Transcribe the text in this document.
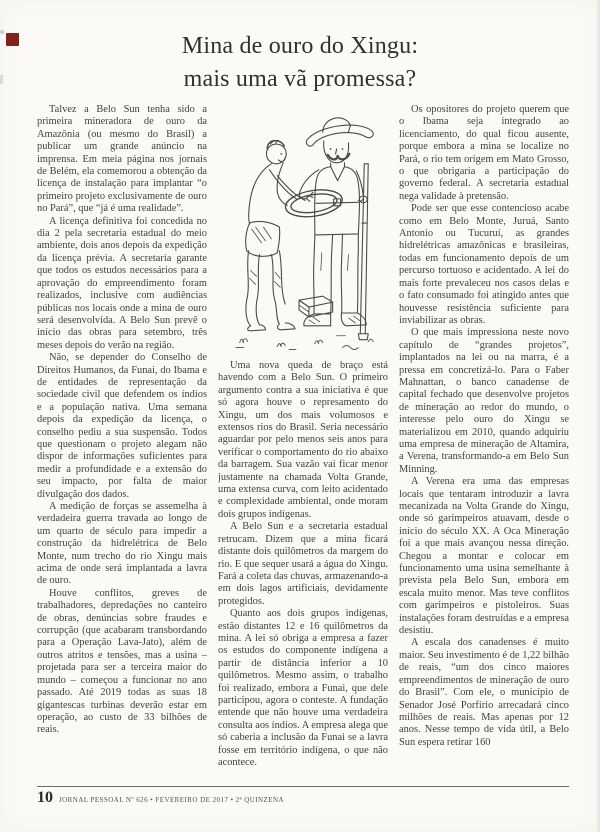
Mina de ouro do Xingu:
mais uma vã promessa?

Talvez a Belo Sun tenha sido a primeira mineradora de ouro da Amazônia (ou mesmo do Brasil) a publicar um grande anúncio na imprensa. Em meia página nos jornais de Belém, ela comemorou a obtenção da licença de instalação para implantar “o primeiro projeto exclusivamente de ouro no Pará”, que “já é uma realidade”.

A licença definitiva foi concedida no dia 2 pela secretaria estadual do meio ambiente, dois anos depois da expedição da licença prévia. A secretaria garante que todos os estudos necessários para a aprovação do empreendimento foram realizados, inclusive com audiências públicas nos locais onde a mina de ouro será desenvolvida. A Belo Sun prevê o início das obras para setembro, três meses depois do verão na região.

Não, se depender do Conselho de Direitos Humanos, da Funai, do Ibama e de entidades de representação da sociedade civil que defendem os índios e a população nativa. Uma semana depois da expedição da licença, o conselho pediu a sua suspensão. Todos que questionam o projeto alegam não dispor de informações suficientes para medir a profundidade e a extensão do seu impacto, por falta de maior divulgação dos dados.

A medição de forças se assemelha à verdadeira guerra travada ao longo de um quarto de século para impedir a construção da hidrelétrica de Belo Monte, num trecho do rio Xingu mais acima de onde será implantada a lavra de ouro.

Houve conflitos, greves de trabalhadores, depredações no canteiro de obras, denúncias sobre fraudes e corrupção (que acabaram transbordando para a Operação Lava-Jato), além de outros atritos e tensões, mas a usina – projetada para ser a terceira maior do mundo – começou a funcionar no ano passado. Até 2019 todas as suas 18 gigantescas turbinas deverão estar em operação, ao custo de 33 bilhões de reais.

Uma nova queda de braço está havendo com a Belo Sun. O primeiro argumento contra a sua iniciativa é que só agora houve o represamento do Xingu, um dos mais volumosos e extensos rios do Brasil. Seria necessário aguardar por pelo menos seis anos para verificar o comportamento do rio abaixo da barragem. Sua vazão vai ficar menor justamente na chamada Volta Grande, uma extensa curva, com leito acidentado e complexidade ambiental, onde moram dois grupos indígenas.

A Belo Sun e a secretaria estadual retrucam. Dizem que a mina ficará distante dois quilômetros da margem do rio. E que sequer usará a água do Xingu. Fará a coleta das chuvas, armazenando-a em dois lagos artificiais, devidamente protegidos.

Quanto aos dois grupos indígenas, estão distantes 12 e 16 quilômetros da mina. A lei só obriga a empresa a fazer os estudos do componente indígena a partir de distância inferior a 10 quilômetros. Mesmo assim, o trabalho foi realizado, embora a Funai, que dele participou, agora o conteste. A fundação entende que não houve uma verdadeira consulta aos índios. A empresa alega que só caberia a inclusão da Funai se a lavra fosse em território indígena, o que não acontece.

Os opositores do projeto querem que o Ibama seja integrado ao licenciamento, do qual ficou ausente, porque embora a mina se localize no Pará, o rio tem origem em Mato Grosso, o que obrigaria a participação do governo federal. A secretaria estadual nega validade à pretensão.

Pode ser que esse contencioso acabe como em Belo Monte, Juruá, Santo Antonio ou Tucuruí, as grandes hidrelétricas amazônicas e brasileiras, todas em funcionamento depois de um percurso tortuoso e acidentado. A lei do mais forte prevaleceu nos casos delas e o fato consumado foi atingido antes que houvesse resistência suficiente para inviabilizar as obras.

O que mais impressiona neste novo capítulo de “grandes projetos”, implantados na lei ou na marra, é a pressa em concretizá-lo. Para o Faber Mahnattan, o banco canadense de capital fechado que desenvolve projetos de mineração ao redor do mundo, o interesse pelo ouro do Xingu se materializou em 2010, quando adquiriu uma empresa de mineração de Altamira, a Verena, transformando-a em Belo Sun Minning.

A Verena era uma das empresas locais que tentaram introduzir a lavra mecanizada na Volta Grande do Xingu, onde só garimpeiros atuavam, desde o início do século XX. A Oca Mineração foi a que mais avançou nessa direção. Chegou a montar e colocar em funcionamento uma usina semelhante à prevista pela Belo Sun, embora em escala muito menor. Mas teve conflitos com garimpeiros e pistoleiros. Suas instalações foram destruídas e a empresa desistiu.

A escala dos canadenses é muito maior. Seu investimento é de 1,22 bilhão de reais, “um dos cinco maiores empreendimentos de mineração de ouro do Brasil”. Com ele, o município de Senador José Porfírio arrecadará cinco milhões de reais. Mas apenas por 12 anos. Nesse tempo de vida útil, a Belo Sun espera retirar 160

10 JORNAL PESSOAL Nº 626 • FEVEREIRO DE 2017 • 2ª QUINZENA
